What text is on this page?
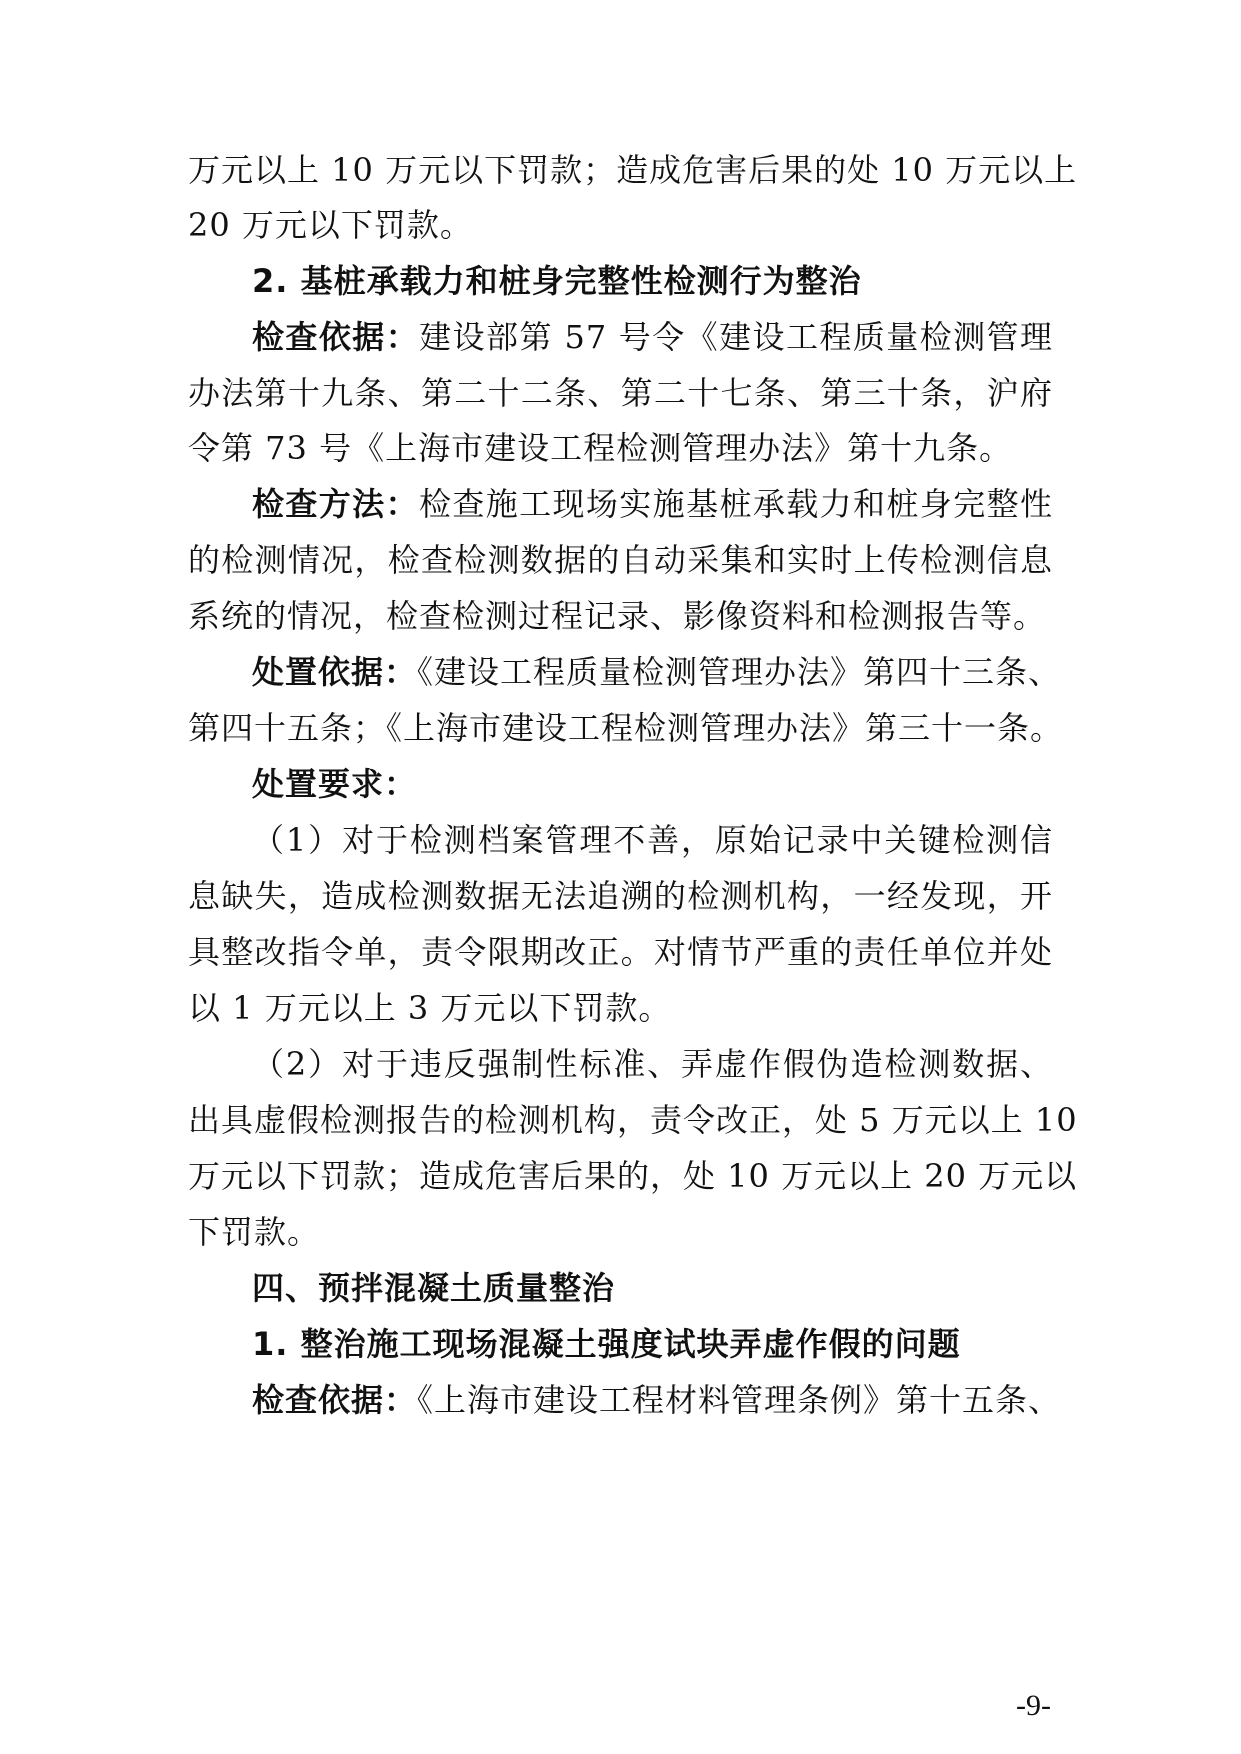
万元以上 10 万元以下罚款；造成危害后果的处 10 万元以上
20 万元以下罚款。
2. 基桩承载力和桩身完整性检测行为整治
检查依据：建设部第 57 号令《建设工程质量检测管理
办法第十九条、第二十二条、第二十七条、第三十条，沪府
令第 73 号《上海市建设工程检测管理办法》第十九条。
检查方法：检查施工现场实施基桩承载力和桩身完整性
的检测情况，检查检测数据的自动采集和实时上传检测信息
系统的情况，检查检测过程记录、影像资料和检测报告等。
处置依据：《建设工程质量检测管理办法》第四十三条、
第四十五条；《上海市建设工程检测管理办法》第三十一条。
处置要求：
（1）对于检测档案管理不善，原始记录中关键检测信
息缺失，造成检测数据无法追溯的检测机构，一经发现，开
具整改指令单，责令限期改正。对情节严重的责任单位并处
以 1 万元以上 3 万元以下罚款。
（2）对于违反强制性标准、弄虚作假伪造检测数据、
出具虚假检测报告的检测机构，责令改正，处 5 万元以上 10
万元以下罚款；造成危害后果的，处 10 万元以上 20 万元以
下罚款。
四、预拌混凝土质量整治
1. 整治施工现场混凝土强度试块弄虚作假的问题
检查依据：《上海市建设工程材料管理条例》第十五条、
-9-
